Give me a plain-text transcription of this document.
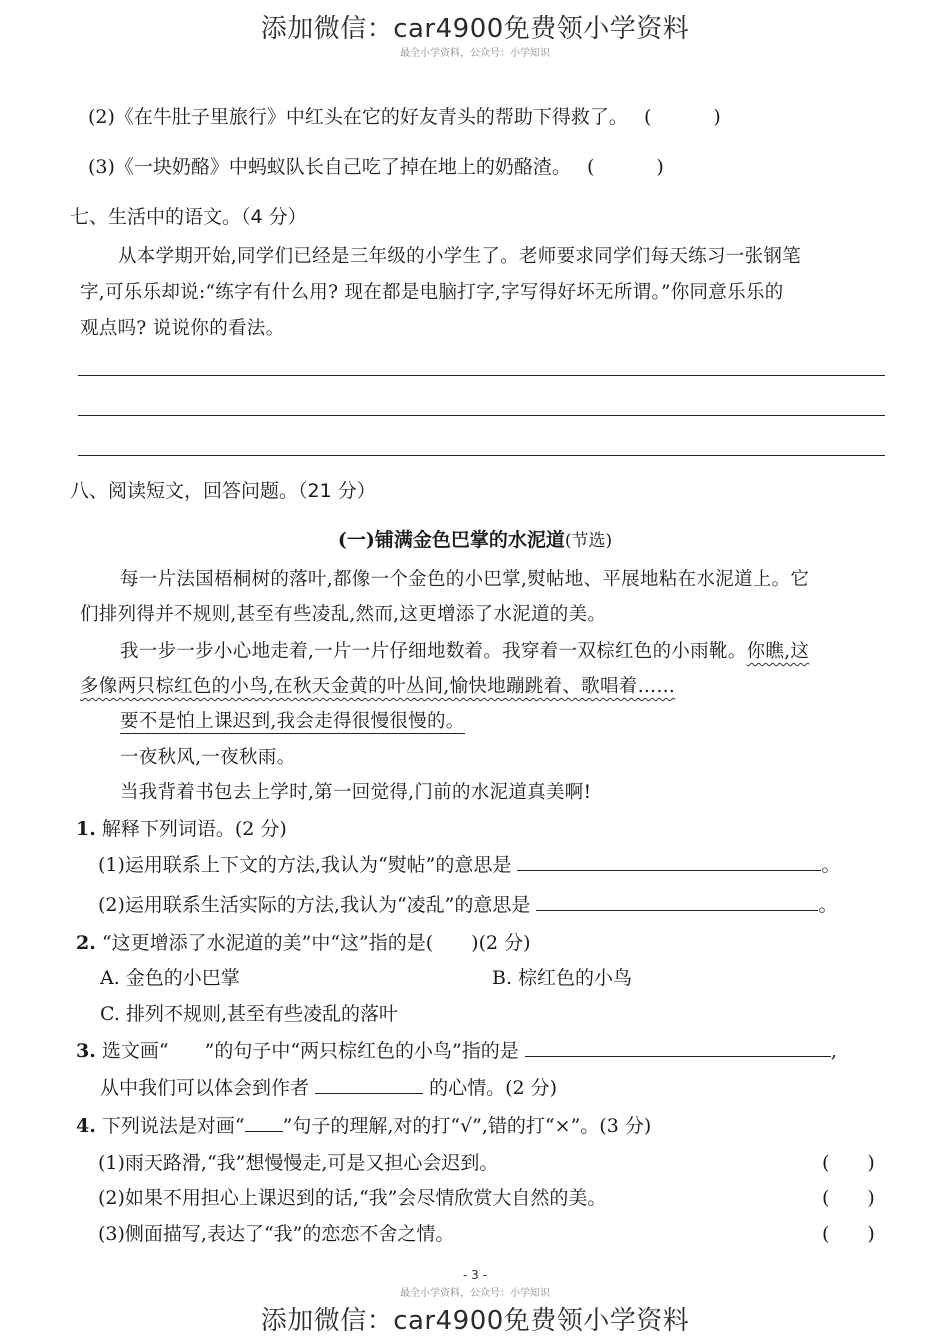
添加微信：car4900免费领小学资料
最全小学资料，公众号：小学知识
(2)《在牛肚子里旅行》中红头在它的好友青头的帮助下得救了。 (	)
(3)《一块奶酪》中蚂蚁队长自己吃了掉在地上的奶酪渣。 (	)
七、生活中的语文。（4 分）
从本学期开始,同学们已经是三年级的小学生了。老师要求同学们每天练习一张钢笔
字,可乐乐却说:“练字有什么用? 现在都是电脑打字,字写得好坏无所谓。”你同意乐乐的
观点吗? 说说你的看法。
八、阅读短文，回答问题。（21 分）
(一)铺满金色巴掌的水泥道(节选)
每一片法国梧桐树的落叶,都像一个金色的小巴掌,熨帖地、平展地粘在水泥道上。它
们排列得并不规则,甚至有些凌乱,然而,这更增添了水泥道的美。
我一步一步小心地走着,一片一片仔细地数着。我穿着一双棕红色的小雨靴。你瞧,这
多像两只棕红色的小鸟,在秋天金黄的叶丛间,愉快地蹦跳着、歌唱着……
要不是怕上课迟到,我会走得很慢很慢的。
一夜秋风,一夜秋雨。
当我背着书包去上学时,第一回觉得,门前的水泥道真美啊!
1. 解释下列词语。(2 分)
(1)运用联系上下文的方法,我认为“熨帖”的意思是	。
(2)运用联系生活实际的方法,我认为“凌乱”的意思是	。
2. “这更增添了水泥道的美”中“这”指的是(　　)(2 分)
A. 金色的小巴掌	B. 棕红色的小鸟
C. 排列不规则,甚至有些凌乱的落叶
3. 选文画“ ”的句子中“两只棕红色的小鸟”指的是	,
从中我们可以体会到作者	的心情。(2 分)
4. 下列说法是对画“ ”句子的理解,对的打“√”,错的打“×”。(3 分)
(1)雨天路滑,“我”想慢慢走,可是又担心会迟到。	(　　)
(2)如果不用担心上课迟到的话,“我”会尽情欣赏大自然的美。	(　　)
(3)侧面描写,表达了“我”的恋恋不舍之情。	(　　)
- 3 -
最全小学资料，公众号：小学知识
添加微信：car4900免费领小学资料
